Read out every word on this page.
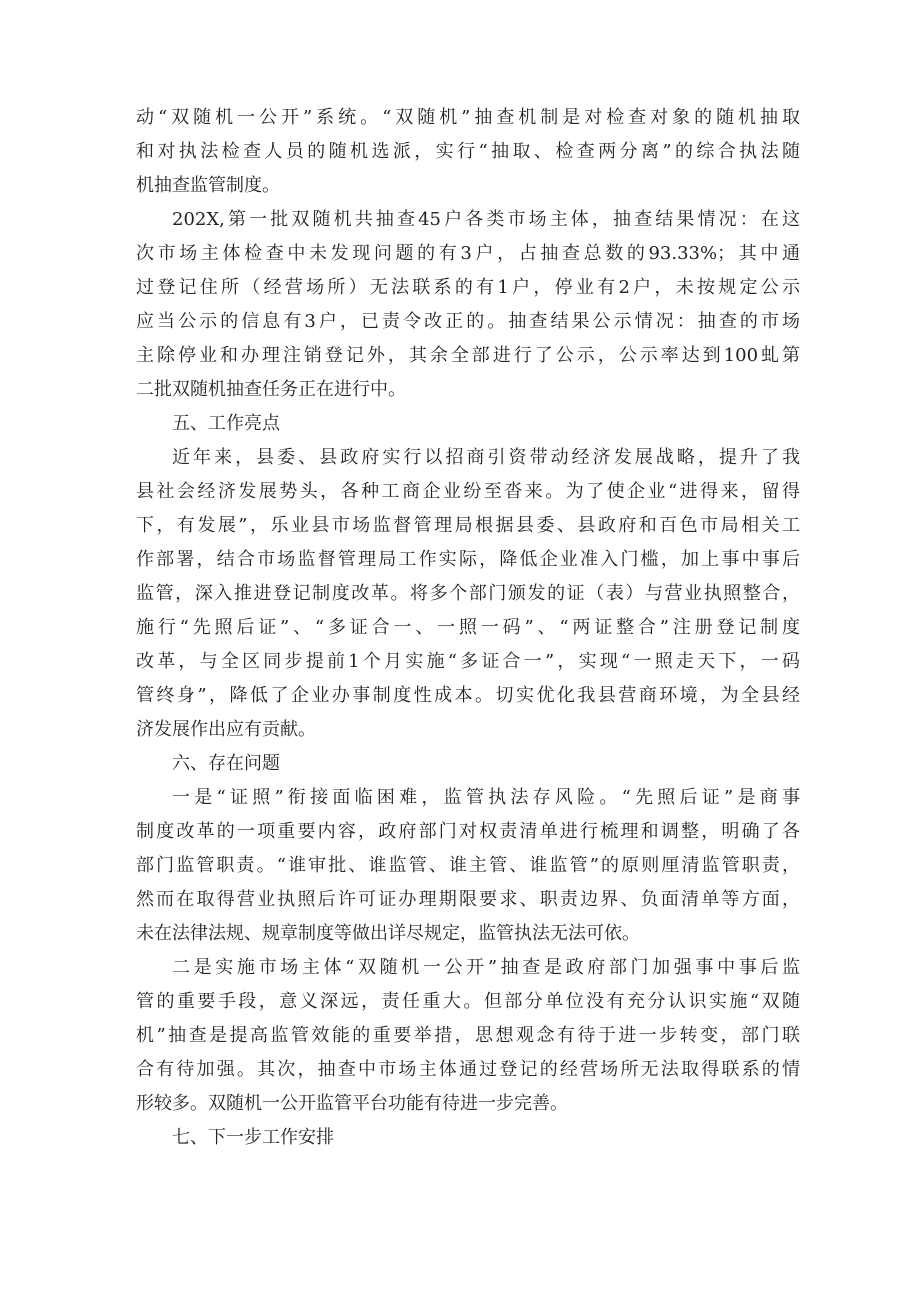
动“双随机一公开”系统。“双随机”抽查机制是对检查对象的随机抽取
和对执法检查人员的随机选派，实行“抽取、检查两分离”的综合执法随
机抽查监管制度。
202X,第一批双随机共抽查45户各类市场主体，抽查结果情况：在这
次市场主体检查中未发现问题的有3户，占抽查总数的93.33%；其中通
过登记住所（经营场所）无法联系的有1户，停业有2户，未按规定公示
应当公示的信息有3户，已责令改正的。抽查结果公示情况：抽查的市场
主除停业和办理注销登记外，其余全部进行了公示，公示率达到100虬第
二批双随机抽查任务正在进行中。
五、工作亮点
近年来，县委、县政府实行以招商引资带动经济发展战略，提升了我
县社会经济发展势头，各种工商企业纷至沓来。为了使企业“进得来，留得
下，有发展”，乐业县市场监督管理局根据县委、县政府和百色市局相关工
作部署，结合市场监督管理局工作实际，降低企业准入门槛，加上事中事后
监管，深入推进登记制度改革。将多个部门颁发的证（表）与营业执照整合，
施行“先照后证”、“多证合一、一照一码”、“两证整合”注册登记制度
改革，与全区同步提前1个月实施“多证合一”，实现“一照走天下，一码
管终身”，降低了企业办事制度性成本。切实优化我县营商环境，为全县经
济发展作出应有贡献。
六、存在问题
一是“证照”衔接面临困难，监管执法存风险。“先照后证”是商事
制度改革的一项重要内容，政府部门对权责清单进行梳理和调整，明确了各
部门监管职责。“谁审批、谁监管、谁主管、谁监管”的原则厘清监管职责，
然而在取得营业执照后许可证办理期限要求、职责边界、负面清单等方面，
未在法律法规、规章制度等做出详尽规定，监管执法无法可依。
二是实施市场主体“双随机一公开”抽查是政府部门加强事中事后监
管的重要手段，意义深远，责任重大。但部分单位没有充分认识实施“双随
机”抽查是提高监管效能的重要举措，思想观念有待于进一步转变，部门联
合有待加强。其次，抽查中市场主体通过登记的经营场所无法取得联系的情
形较多。双随机一公开监管平台功能有待进一步完善。
七、下一步工作安排
